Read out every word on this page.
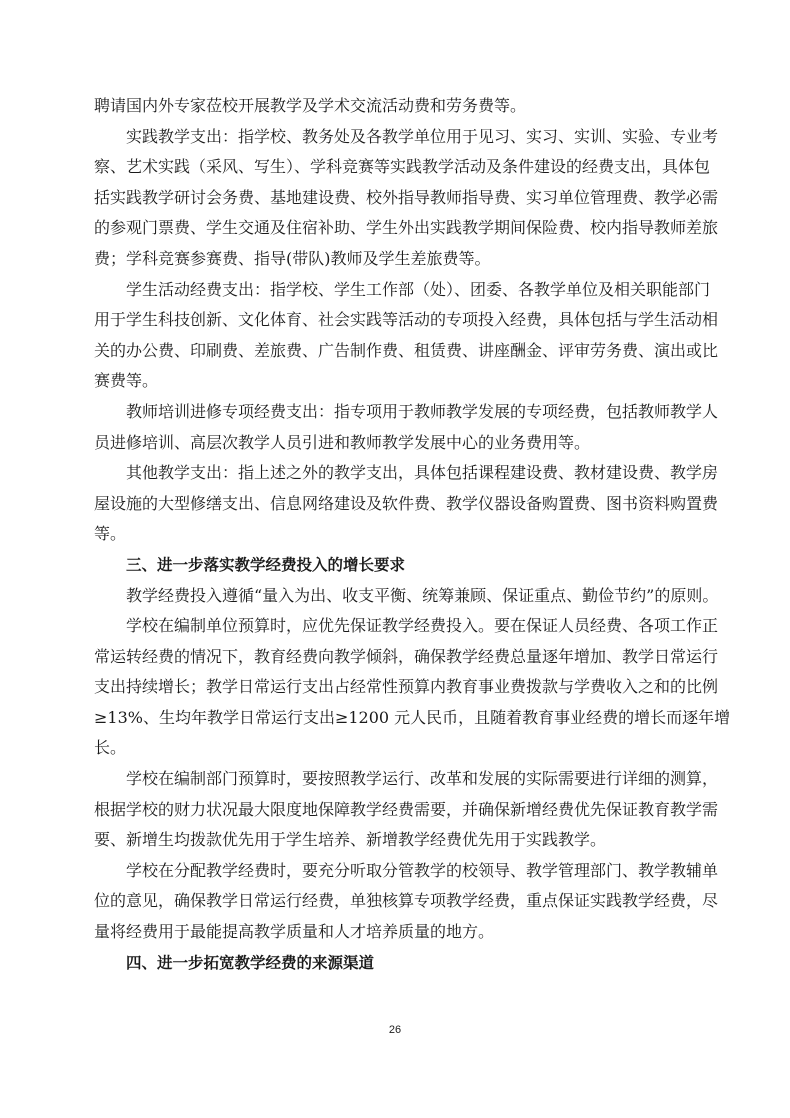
聘请国内外专家莅校开展教学及学术交流活动费和劳务费等。
实践教学支出：指学校、教务处及各教学单位用于见习、实习、实训、实验、专业考
察、艺术实践（采风、写生）、学科竞赛等实践教学活动及条件建设的经费支出，具体包
括实践教学研讨会务费、基地建设费、校外指导教师指导费、实习单位管理费、教学必需
的参观门票费、学生交通及住宿补助、学生外出实践教学期间保险费、校内指导教师差旅
费；学科竞赛参赛费、指导(带队)教师及学生差旅费等。
学生活动经费支出：指学校、学生工作部（处）、团委、各教学单位及相关职能部门
用于学生科技创新、文化体育、社会实践等活动的专项投入经费，具体包括与学生活动相
关的办公费、印刷费、差旅费、广告制作费、租赁费、讲座酬金、评审劳务费、演出或比
赛费等。
教师培训进修专项经费支出：指专项用于教师教学发展的专项经费，包括教师教学人
员进修培训、高层次教学人员引进和教师教学发展中心的业务费用等。
其他教学支出：指上述之外的教学支出，具体包括课程建设费、教材建设费、教学房
屋设施的大型修缮支出、信息网络建设及软件费、教学仪器设备购置费、图书资料购置费
等。
三、进一步落实教学经费投入的增长要求
教学经费投入遵循“量入为出、收支平衡、统筹兼顾、保证重点、勤俭节约”的原则。
学校在编制单位预算时，应优先保证教学经费投入。要在保证人员经费、各项工作正
常运转经费的情况下，教育经费向教学倾斜，确保教学经费总量逐年增加、教学日常运行
支出持续增长；教学日常运行支出占经常性预算内教育事业费拨款与学费收入之和的比例
≥13%、生均年教学日常运行支出≥1200 元人民币，且随着教育事业经费的增长而逐年增
长。
学校在编制部门预算时，要按照教学运行、改革和发展的实际需要进行详细的测算，
根据学校的财力状况最大限度地保障教学经费需要，并确保新增经费优先保证教育教学需
要、新增生均拨款优先用于学生培养、新增教学经费优先用于实践教学。
学校在分配教学经费时，要充分听取分管教学的校领导、教学管理部门、教学教辅单
位的意见，确保教学日常运行经费，单独核算专项教学经费，重点保证实践教学经费，尽
量将经费用于最能提高教学质量和人才培养质量的地方。
四、进一步拓宽教学经费的来源渠道
26
